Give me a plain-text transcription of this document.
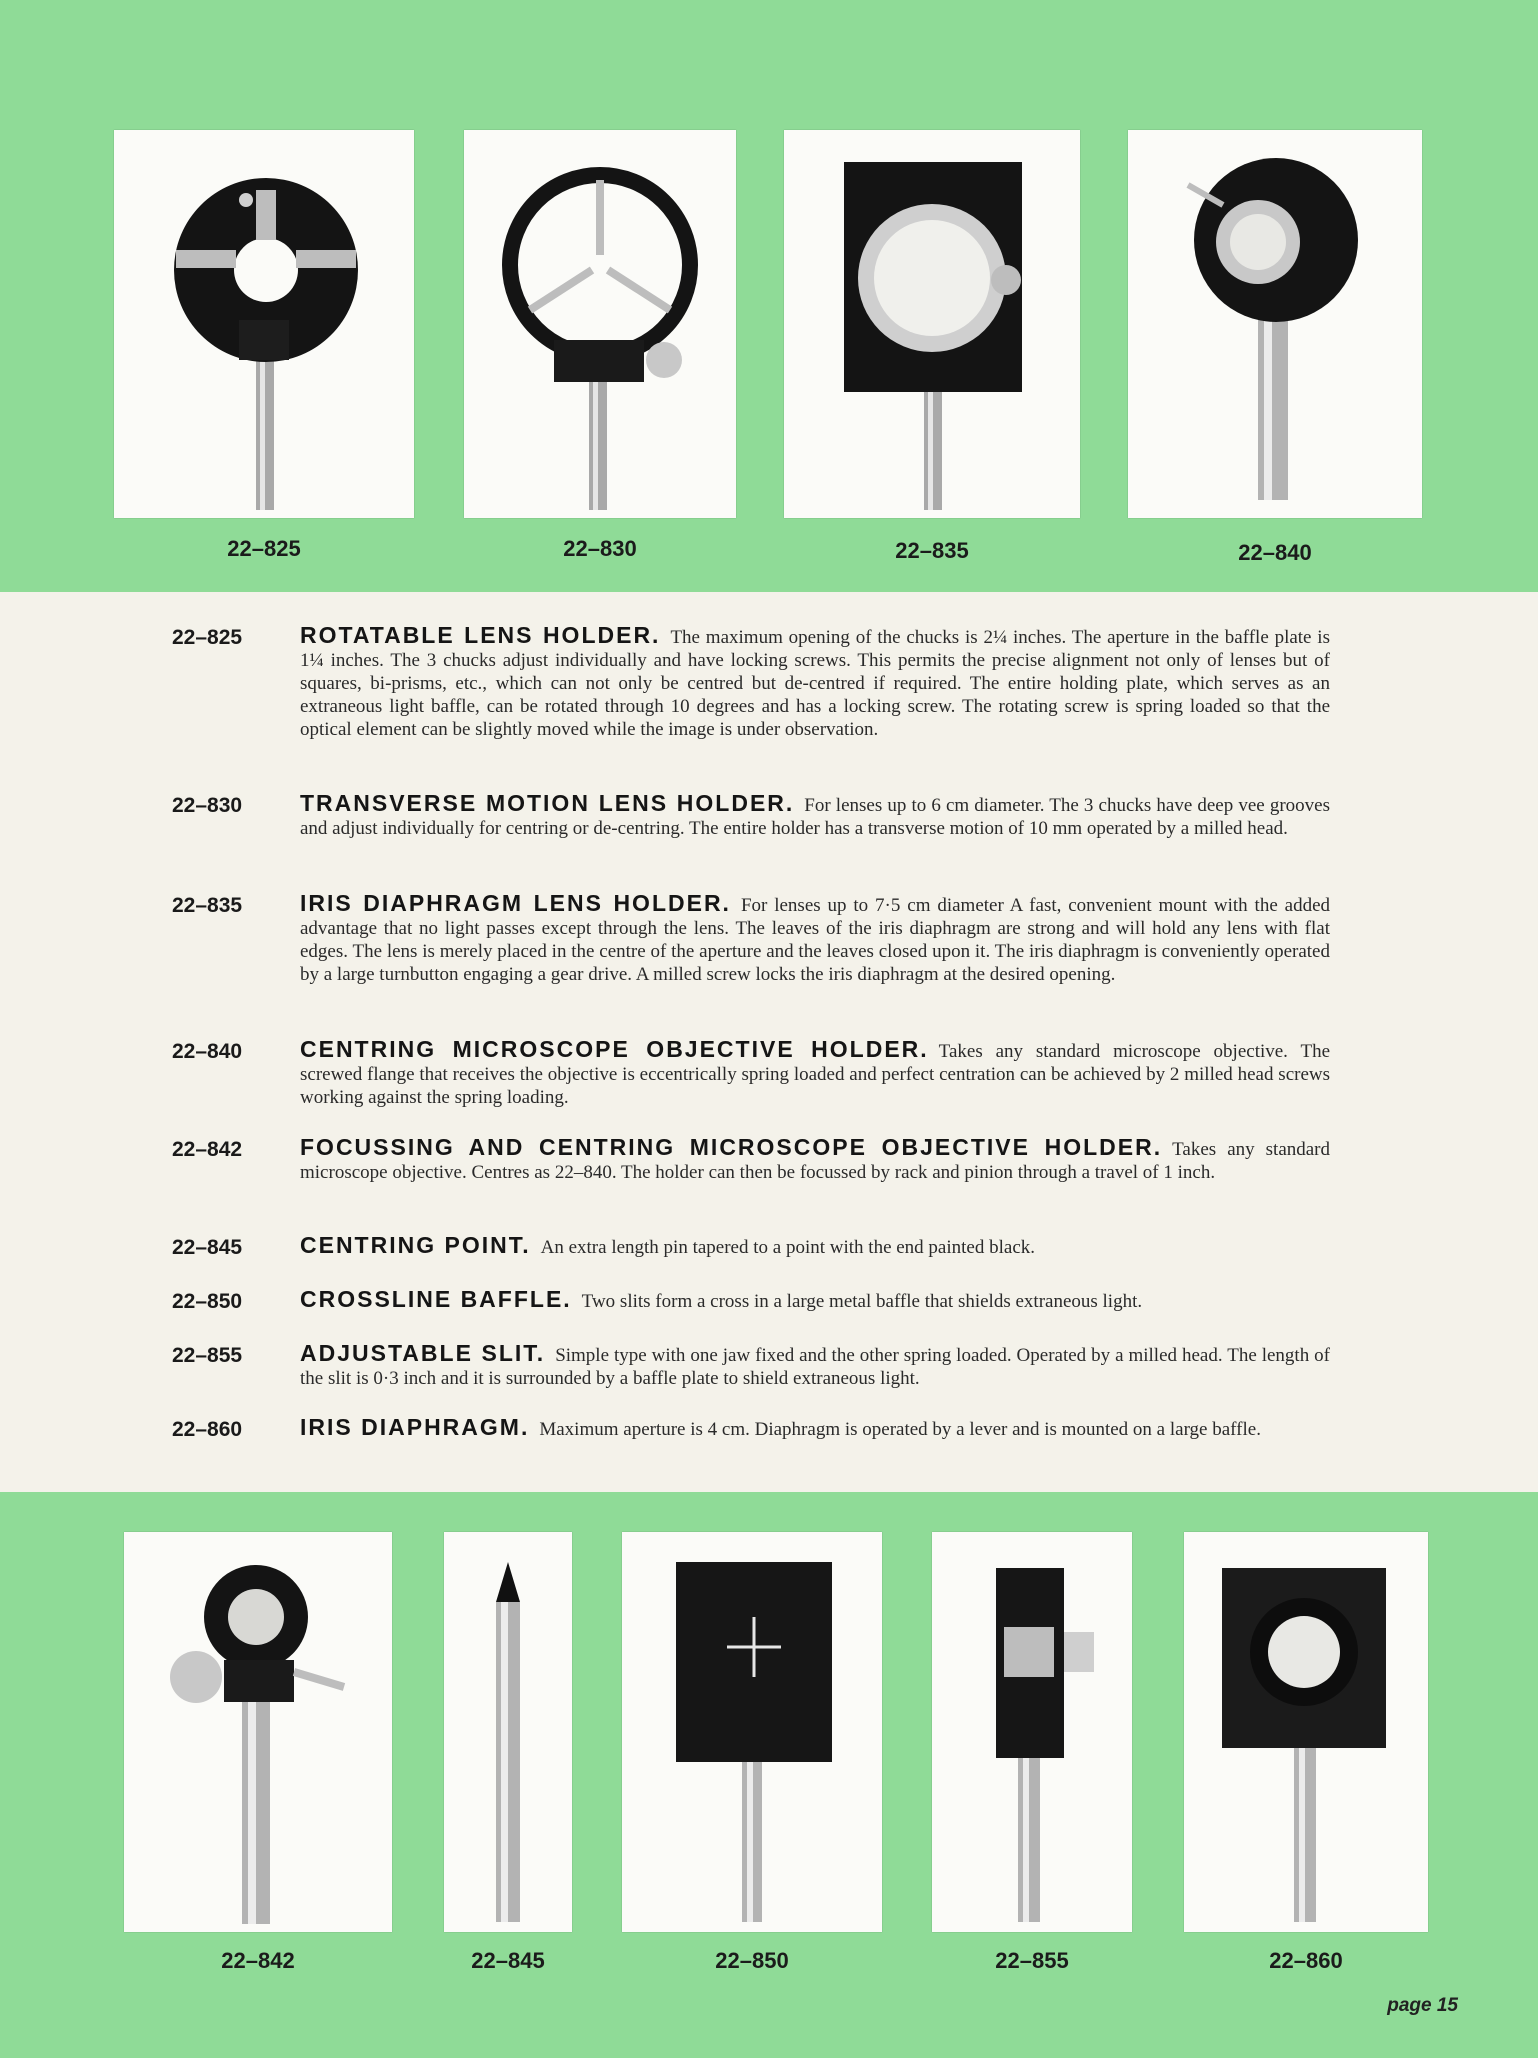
22–825	22–830	22–835	22–840
22–825	ROTATABLE LENS HOLDER. The maximum opening of the chucks is 2¼ inches. The aperture in the baffle plate is 1¼ inches. The 3 chucks adjust individually and have locking screws. This permits the precise alignment not only of lenses but of squares, bi-prisms, etc., which can not only be centred but de-centred if required. The entire holding plate, which serves as an extraneous light baffle, can be rotated through 10 degrees and has a locking screw. The rotating screw is spring loaded so that the optical element can be slightly moved while the image is under observation.
22–830	TRANSVERSE MOTION LENS HOLDER. For lenses up to 6 cm diameter. The 3 chucks have deep vee grooves and adjust individually for centring or de-centring. The entire holder has a transverse motion of 10 mm operated by a milled head.
22–835	IRIS DIAPHRAGM LENS HOLDER. For lenses up to 7·5 cm diameter A fast, convenient mount with the added advantage that no light passes except through the lens. The leaves of the iris diaphragm are strong and will hold any lens with flat edges. The lens is merely placed in the centre of the aperture and the leaves closed upon it. The iris diaphragm is conveniently operated by a large turnbutton engaging a gear drive. A milled screw locks the iris diaphragm at the desired opening.
22–840	CENTRING MICROSCOPE OBJECTIVE HOLDER. Takes any standard microscope objective. The screwed flange that receives the objective is eccentrically spring loaded and perfect centration can be achieved by 2 milled head screws working against the spring loading.
22–842	FOCUSSING AND CENTRING MICROSCOPE OBJECTIVE HOLDER. Takes any standard microscope objective. Centres as 22–840. The holder can then be focussed by rack and pinion through a travel of 1 inch.
22–845	CENTRING POINT. An extra length pin tapered to a point with the end painted black.
22–850	CROSSLINE BAFFLE. Two slits form a cross in a large metal baffle that shields extraneous light.
22–855	ADJUSTABLE SLIT. Simple type with one jaw fixed and the other spring loaded. Operated by a milled head. The length of the slit is 0·3 inch and it is surrounded by a baffle plate to shield extraneous light.
22–860	IRIS DIAPHRAGM. Maximum aperture is 4 cm. Diaphragm is operated by a lever and is mounted on a large baffle.
22–842	22–845	22–850	22–855	22–860
page 15
